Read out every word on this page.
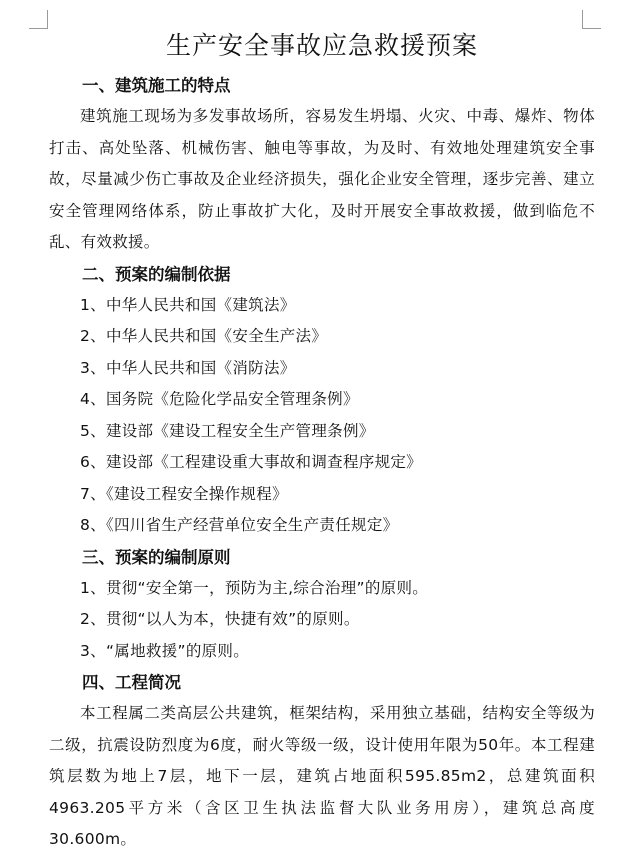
生产安全事故应急救援预案

一、建筑施工的特点

建筑施工现场为多发事故场所，容易发生坍塌、火灾、中毒、爆炸、物体打击、高处坠落、机械伤害、触电等事故，为及时、有效地处理建筑安全事故，尽量减少伤亡事故及企业经济损失，强化企业安全管理，逐步完善、建立安全管理网络体系，防止事故扩大化，及时开展安全事故救援，做到临危不乱、有效救援。

二、预案的编制依据

1、中华人民共和国《建筑法》

2、中华人民共和国《安全生产法》

3、中华人民共和国《消防法》

4、国务院《危险化学品安全管理条例》

5、建设部《建设工程安全生产管理条例》

6、建设部《工程建设重大事故和调查程序规定》

7、《建设工程安全操作规程》

8、《四川省生产经营单位安全生产责任规定》

三、预案的编制原则

1、贯彻“安全第一，预防为主,综合治理”的原则。

2、贯彻“以人为本，快捷有效”的原则。

3、“属地救援”的原则。

四、工程简况

本工程属二类高层公共建筑，框架结构，采用独立基础，结构安全等级为二级，抗震设防烈度为6度，耐火等级一级，设计使用年限为50年。本工程建筑层数为地上7层，地下一层，建筑占地面积595.85m2，总建筑面积4963.205平方米（含区卫生执法监督大队业务用房），建筑总高度30.600m。
